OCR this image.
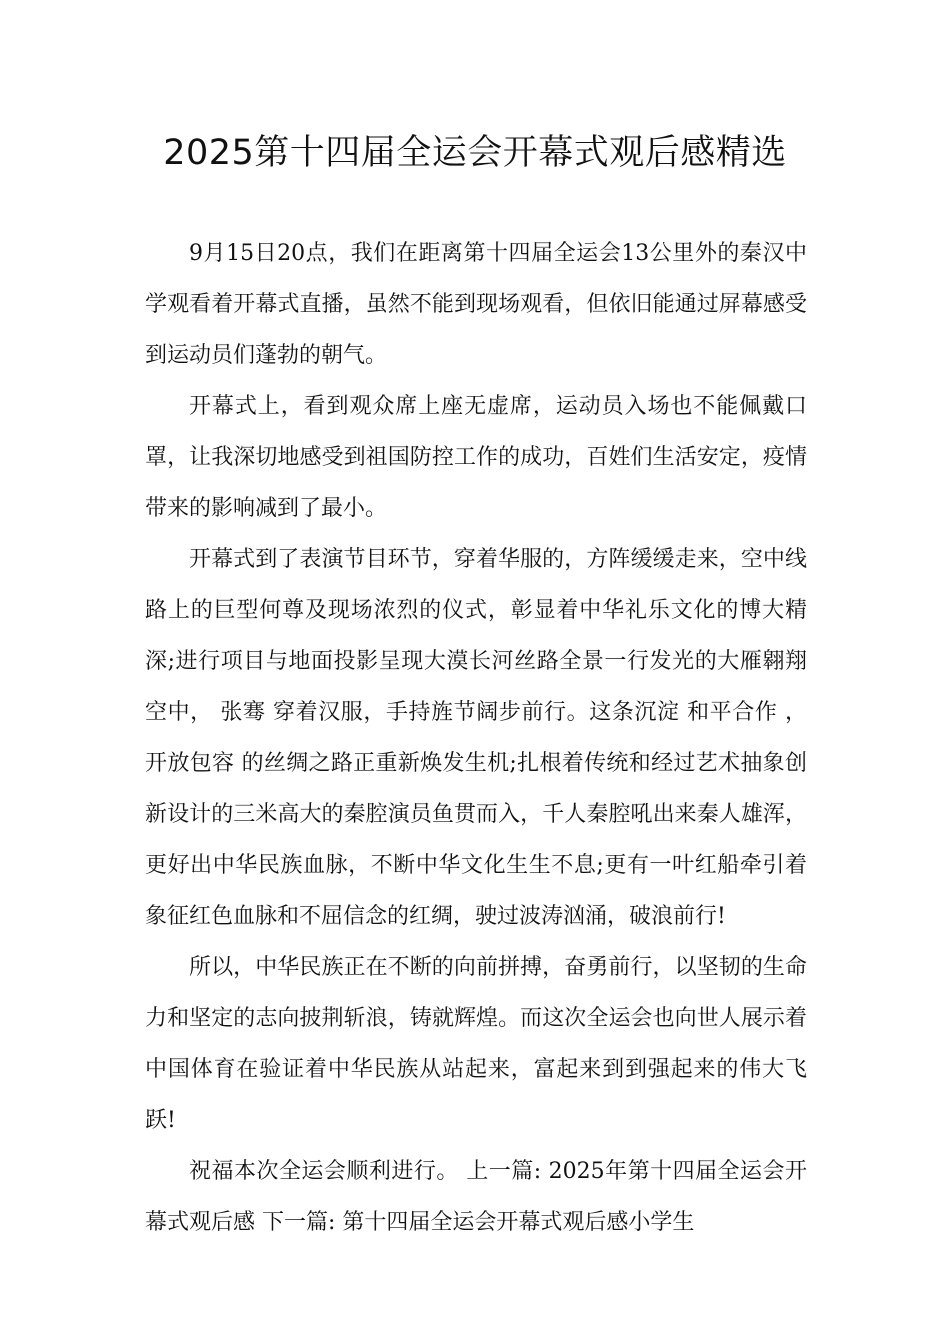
2025第十四届全运会开幕式观后感精选

9月15日20点，我们在距离第十四届全运会13公里外的秦汉中学观看着开幕式直播，虽然不能到现场观看，但依旧能通过屏幕感受到运动员们蓬勃的朝气。

开幕式上，看到观众席上座无虚席，运动员入场也不能佩戴口罩，让我深切地感受到祖国防控工作的成功，百姓们生活安定，疫情带来的影响减到了最小。

开幕式到了表演节目环节，穿着华服的，方阵缓缓走来，空中线路上的巨型何尊及现场浓烈的仪式，彰显着中华礼乐文化的博大精深;进行项目与地面投影呈现大漠长河丝路全景一行发光的大雁翱翔空中， 张骞 穿着汉服，手持旌节阔步前行。这条沉淀 和平合作 ， 开放包容 的丝绸之路正重新焕发生机;扎根着传统和经过艺术抽象创新设计的三米高大的秦腔演员鱼贯而入，千人秦腔吼出来秦人雄浑，更好出中华民族血脉，不断中华文化生生不息;更有一叶红船牵引着象征红色血脉和不屈信念的红绸，驶过波涛汹涌，破浪前行!

所以，中华民族正在不断的向前拼搏，奋勇前行，以坚韧的生命力和坚定的志向披荆斩浪，铸就辉煌。而这次全运会也向世人展示着中国体育在验证着中华民族从站起来，富起来到到强起来的伟大飞跃!

祝福本次全运会顺利进行。 上一篇: 2025年第十四届全运会开幕式观后感 下一篇: 第十四届全运会开幕式观后感小学生
